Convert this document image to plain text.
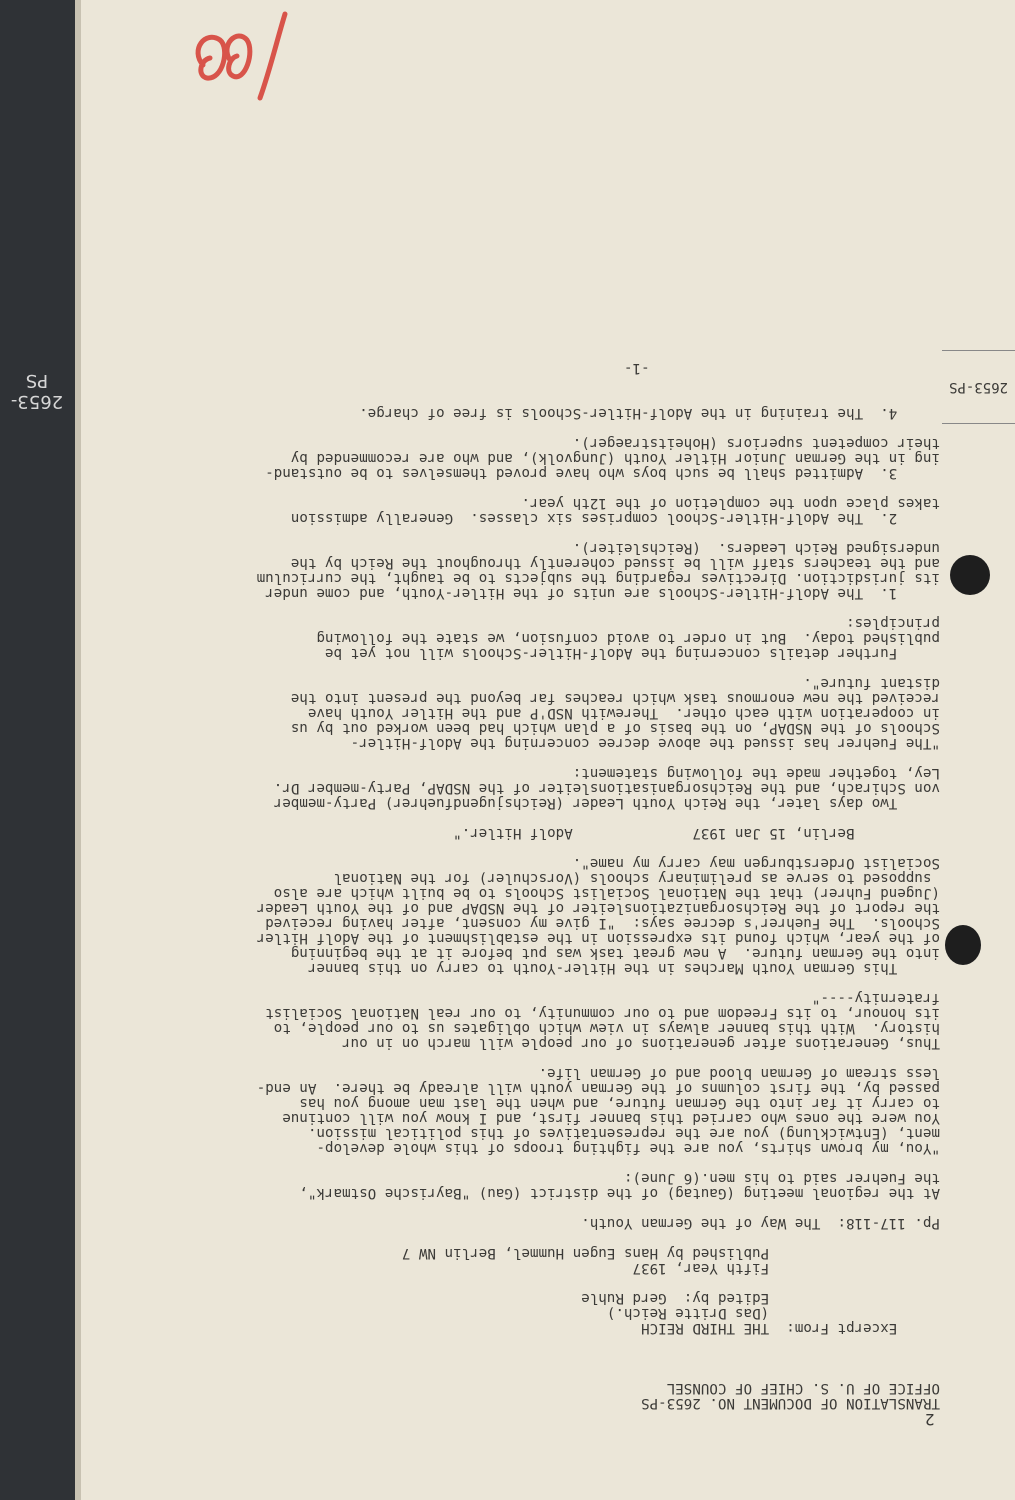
2653-PS	2653-PS
2
TRANSLATION OF DOCUMENT NO. 2653-PS
OFFICE OF U. S. CHIEF OF COUNSEL
Excerpt From:  THE THIRD REICH
(Das Dritte Reich.)
Edited by:  Gerd Ruhle
Fifth Year, 1937
Published by Hans Eugen Hummel, Berlin NW 7
Pp. 117-118:  The Way of the German Youth.
At the regional meeting (Gautag) of the district (Gau) "Bayrische Ostmark",
the Fuehrer said to his men.(6 June):
"You, my brown shirts, you are the fighting troops of this whole develop-
ment, (Entwicklung) you are the representatives of this political mission.
You were the ones who carried this banner first, and I know you will continue
to carry it far into the German future, and when the last man among you has
passed by, the first columns of the German youth will already be there.  An end-
less stream of German blood and of German life.
Thus, Generations after generations of our people will march on in our
history.  With this banner always in view which obligates us to our people, to
its honour, to its Freedom and to our community, to our real National Socialist
fraternity----"
This German Youth Marches in the Hitler-Youth to carry on this banner
into the German future.  A new great task was put before it at the beginning
of the year, which found its expression in the establishment of the Adolf Hitler
Schools.  The Fuehrer's decree says:  "I give my consent, after having received
the report of the Reichsorganizationsleiter of the NSDAP and of the Youth Leader
(Jugend Fuhrer) that the National Socialist Schools to be built which are also
supposed to serve as preliminary schools (Vorschuler) for the National
Socialist Orderstburgen may carry my name".
Berlin, 15 Jan 1937              Adolf Hitler."
Two days later, the Reich Youth Leader (Reichsjugendfuehrer) Party-member
von Schirach, and the Reichsorganisationsleiter of the NSDAP, Party-member Dr.
Ley, together made the following statement:
"The Fuehrer has issued the above decree concerning the Adolf-Hitler-
Schools of the NSDAP, on the basis of a plan which had been worked out by us
in cooperation with each other.  Therewith NSD'P and the Hitler Youth have
received the new enormous task which reaches far beyond the present into the
distant future".
Further details concerning the Adolf-Hitler-Schools will not yet be
published today.  But in order to avoid confusion, we state the following
principles:
1.  The Adolf-Hitler-Schools are units of the Hitler-Youth, and come under
its jurisdiction. Directives regarding the subjects to be taught, the curriculum
and the teachers staff will be issued coherently throughout the Reich by the
undersigned Reich Leaders.  (Reichsleiter).
2.  The Adolf-Hitler-School comprises six classes.  Generally admission
takes place upon the completion of the 12th year.
3.  Admitted shall be such boys who have proved themselves to be outstand-
ing in the German Junior Hitler Youth (Jungvolk), and who are recommended by
their competent superiors (Hoheitstraeger).
4.  The training in the Adolf-Hitler-Schools is free of charge.
-1-
